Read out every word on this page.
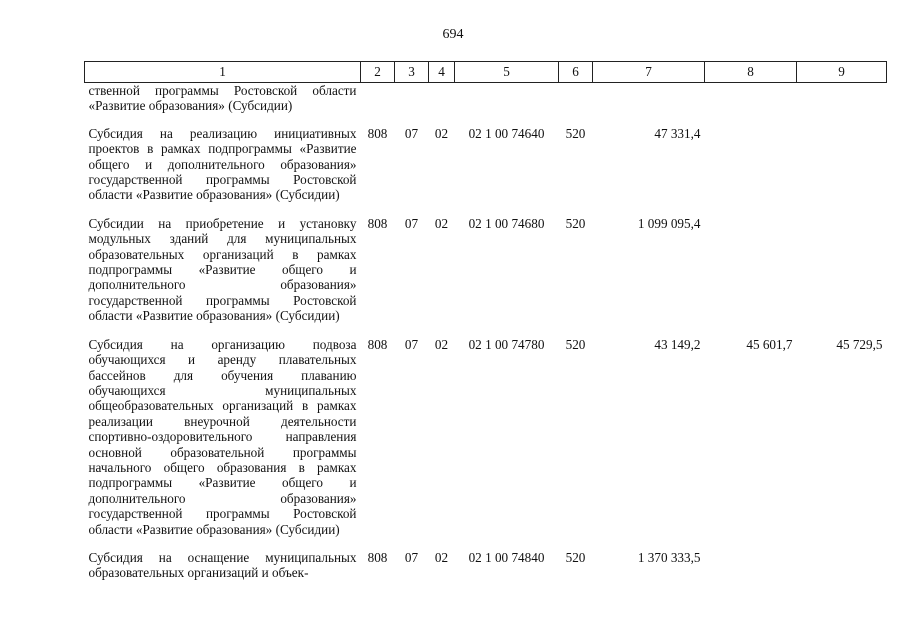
694
1	2	3	4	5	6	7	8	9
ственной программы Ростовской области «Развитие образования» (Субсидии)								
Субсидия на реализацию инициативных проектов в рамках подпрограммы «Развитие общего и дополнительного образования» государственной программы Ростовской области «Развитие образования» (Субсидии)	808	07	02	02 1 00 74640	520	47 331,4		
Субсидии на приобретение и установку модульных зданий для муниципальных образовательных организаций в рамках подпрограммы «Развитие общего и дополнительного образования» государственной программы Ростовской области «Развитие образования» (Субсидии)	808	07	02	02 1 00 74680	520	1 099 095,4		
Субсидия на организацию подвоза обучающихся и аренду плавательных бассейнов для обучения плаванию обучающихся муниципальных общеобразовательных организаций в рамках реализации внеурочной деятельности спортивно-оздоровительного направления основной образовательной программы начального общего образования в рамках подпрограммы «Развитие общего и дополнительного образования» государственной программы Ростовской области «Развитие образования» (Субсидии)	808	07	02	02 1 00 74780	520	43 149,2	45 601,7	45 729,5
Субсидия на оснащение муниципальных образовательных организаций и объек-	808	07	02	02 1 00 74840	520	1 370 333,5		
